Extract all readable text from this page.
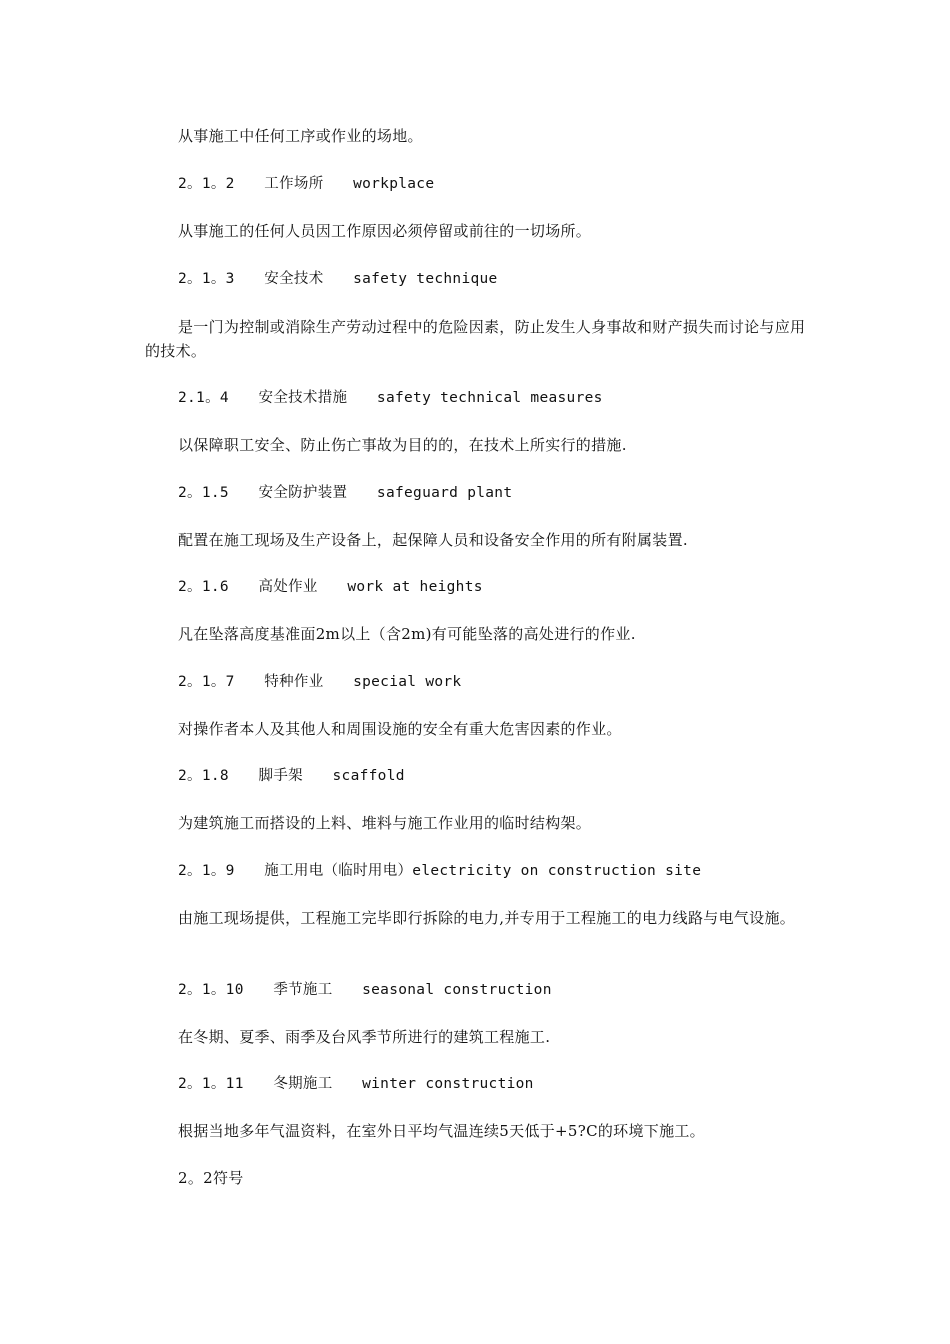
从事施工中任何工序或作业的场地。
2。1。2　　工作场所　　workplace
从事施工的任何人员因工作原因必须停留或前往的一切场所。
2。1。3　　安全技术　　safety technique
是一门为控制或消除生产劳动过程中的危险因素，防止发生人身事故和财产损失而讨论与应用的技术。
2.1。4　　安全技术措施　　safety technical measures
以保障职工安全、防止伤亡事故为目的的，在技术上所实行的措施.
2。1.5　　安全防护装置　　safeguard plant
配置在施工现场及生产设备上，起保障人员和设备安全作用的所有附属装置.
2。1.6　　高处作业　　work at heights
凡在坠落高度基准面2m以上（含2m)有可能坠落的高处进行的作业.
2。1。7　　特种作业　　special work
对操作者本人及其他人和周围设施的安全有重大危害因素的作业。
2。1.8　　脚手架　　scaffold
为建筑施工而搭设的上料、堆料与施工作业用的临时结构架。
2。1。9　　施工用电（临时用电）electricity on construction site
由施工现场提供，工程施工完毕即行拆除的电力,并专用于工程施工的电力线路与电气设施。
2。1。10　　季节施工　　seasonal construction
在冬期、夏季、雨季及台风季节所进行的建筑工程施工.
2。1。11　　冬期施工　　winter construction
根据当地多年气温资料，在室外日平均气温连续5天低于+5?C的环境下施工。
2。2符号
